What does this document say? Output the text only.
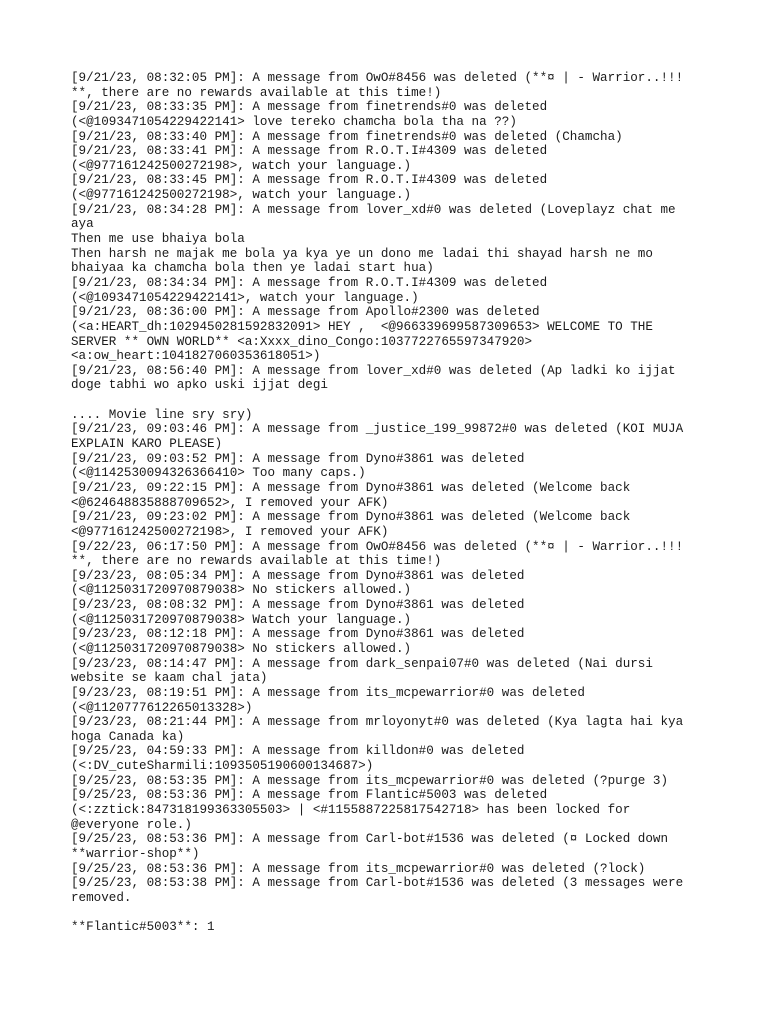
[9/21/23, 08:32:05 PM]: A message from OwO#8456 was deleted (**¤ | - Warrior..!!!
**, there are no rewards available at this time!)
[9/21/23, 08:33:35 PM]: A message from finetrends#0 was deleted
(<@1093471054229422141> love tereko chamcha bola tha na ??)
[9/21/23, 08:33:40 PM]: A message from finetrends#0 was deleted (Chamcha)
[9/21/23, 08:33:41 PM]: A message from R.O.T.I#4309 was deleted
(<@977161242500272198>, watch your language.)
[9/21/23, 08:33:45 PM]: A message from R.O.T.I#4309 was deleted
(<@977161242500272198>, watch your language.)
[9/21/23, 08:34:28 PM]: A message from lover_xd#0 was deleted (Loveplayz chat me
aya
Then me use bhaiya bola
Then harsh ne majak me bola ya kya ye un dono me ladai thi shayad harsh ne mo
bhaiyaa ka chamcha bola then ye ladai start hua)
[9/21/23, 08:34:34 PM]: A message from R.O.T.I#4309 was deleted
(<@1093471054229422141>, watch your language.)
[9/21/23, 08:36:00 PM]: A message from Apollo#2300 was deleted
(<a:HEART_dh:1029450281592832091> HEY ,  <@966339699587309653> WELCOME TO THE
SERVER ** OWN WORLD** <a:Xxxx_dino_Congo:1037722765597347920>
<a:ow_heart:1041827060353618051>)
[9/21/23, 08:56:40 PM]: A message from lover_xd#0 was deleted (Ap ladki ko ijjat
doge tabhi wo apko uski ijjat degi
.... Movie line sry sry)
[9/21/23, 09:03:46 PM]: A message from _justice_199_99872#0 was deleted (KOI MUJA
EXPLAIN KARO PLEASE)
[9/21/23, 09:03:52 PM]: A message from Dyno#3861 was deleted
(<@1142530094326366410> Too many caps.)
[9/21/23, 09:22:15 PM]: A message from Dyno#3861 was deleted (Welcome back
<@624648835888709652>, I removed your AFK)
[9/21/23, 09:23:02 PM]: A message from Dyno#3861 was deleted (Welcome back
<@977161242500272198>, I removed your AFK)
[9/22/23, 06:17:50 PM]: A message from OwO#8456 was deleted (**¤ | - Warrior..!!!
**, there are no rewards available at this time!)
[9/23/23, 08:05:34 PM]: A message from Dyno#3861 was deleted
(<@1125031720970879038> No stickers allowed.)
[9/23/23, 08:08:32 PM]: A message from Dyno#3861 was deleted
(<@1125031720970879038> Watch your language.)
[9/23/23, 08:12:18 PM]: A message from Dyno#3861 was deleted
(<@1125031720970879038> No stickers allowed.)
[9/23/23, 08:14:47 PM]: A message from dark_senpai07#0 was deleted (Nai dursi
website se kaam chal jata)
[9/23/23, 08:19:51 PM]: A message from its_mcpewarrior#0 was deleted
(<@1120777612265013328>)
[9/23/23, 08:21:44 PM]: A message from mrloyonyt#0 was deleted (Kya lagta hai kya
hoga Canada ka)
[9/25/23, 04:59:33 PM]: A message from killdon#0 was deleted
(<:DV_cuteSharmili:1093505190600134687>)
[9/25/23, 08:53:35 PM]: A message from its_mcpewarrior#0 was deleted (?purge 3)
[9/25/23, 08:53:36 PM]: A message from Flantic#5003 was deleted
(<:zztick:847318199363305503> | <#1155887225817542718> has been locked for
@everyone role.)
[9/25/23, 08:53:36 PM]: A message from Carl-bot#1536 was deleted (¤ Locked down
**warrior-shop**)
[9/25/23, 08:53:36 PM]: A message from its_mcpewarrior#0 was deleted (?lock)
[9/25/23, 08:53:38 PM]: A message from Carl-bot#1536 was deleted (3 messages were
removed.
**Flantic#5003**: 1
